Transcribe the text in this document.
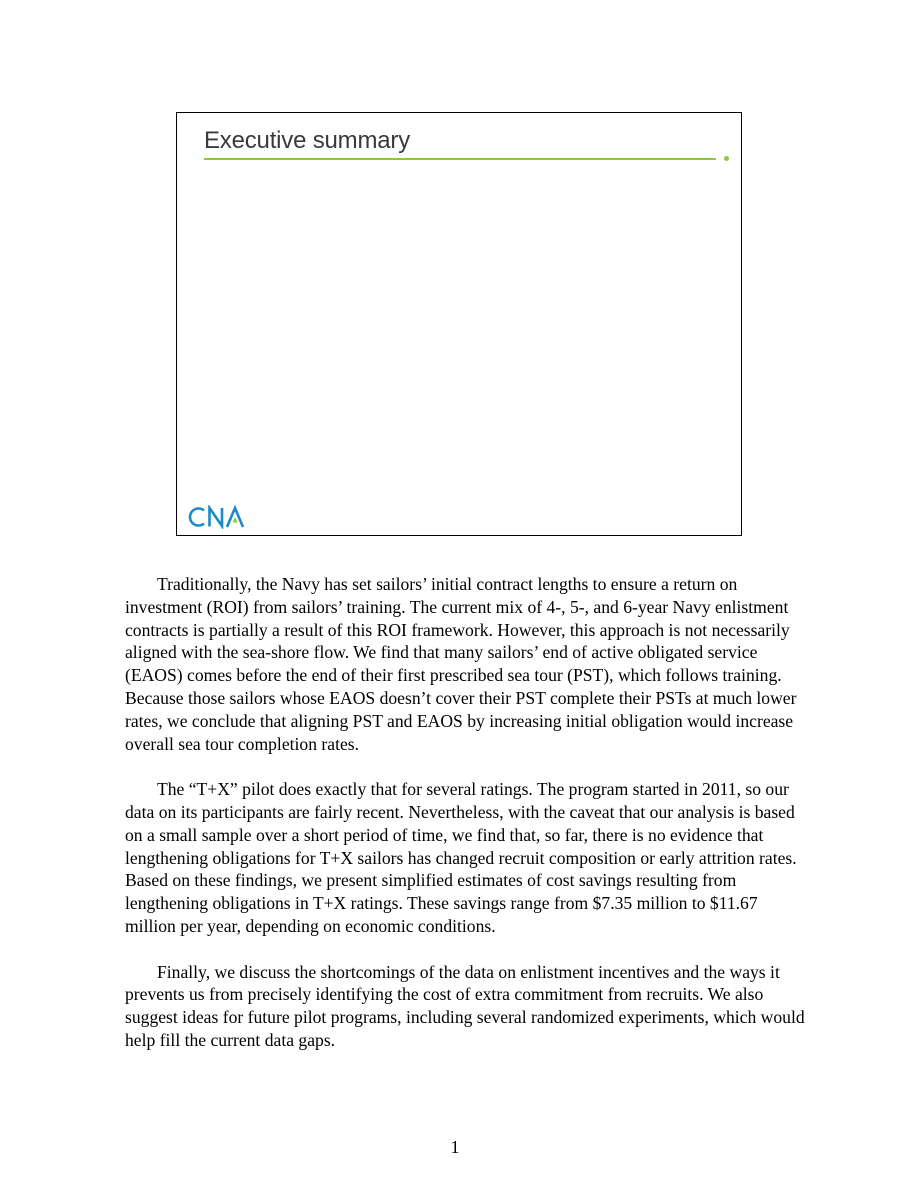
Executive summary

Traditionally, the Navy has set sailors’ initial contract lengths to ensure a return on investment (ROI) from sailors’ training. The current mix of 4-, 5-, and 6-year Navy enlistment contracts is partially a result of this ROI framework. However, this approach is not necessarily aligned with the sea-shore flow. We find that many sailors’ end of active obligated service (EAOS) comes before the end of their first prescribed sea tour (PST), which follows training. Because those sailors whose EAOS doesn’t cover their PST complete their PSTs at much lower rates, we conclude that aligning PST and EAOS by increasing initial obligation would increase overall sea tour completion rates.

The “T+X” pilot does exactly that for several ratings. The program started in 2011, so our data on its participants are fairly recent. Nevertheless, with the caveat that our analysis is based on a small sample over a short period of time, we find that, so far, there is no evidence that lengthening obligations for T+X sailors has changed recruit composition or early attrition rates. Based on these findings, we present simplified estimates of cost savings resulting from lengthening obligations in T+X ratings. These savings range from $7.35 million to $11.67 million per year, depending on economic conditions.

Finally, we discuss the shortcomings of the data on enlistment incentives and the ways it prevents us from precisely identifying the cost of extra commitment from recruits. We also suggest ideas for future pilot programs, including several randomized experiments, which would help fill the current data gaps.

1
